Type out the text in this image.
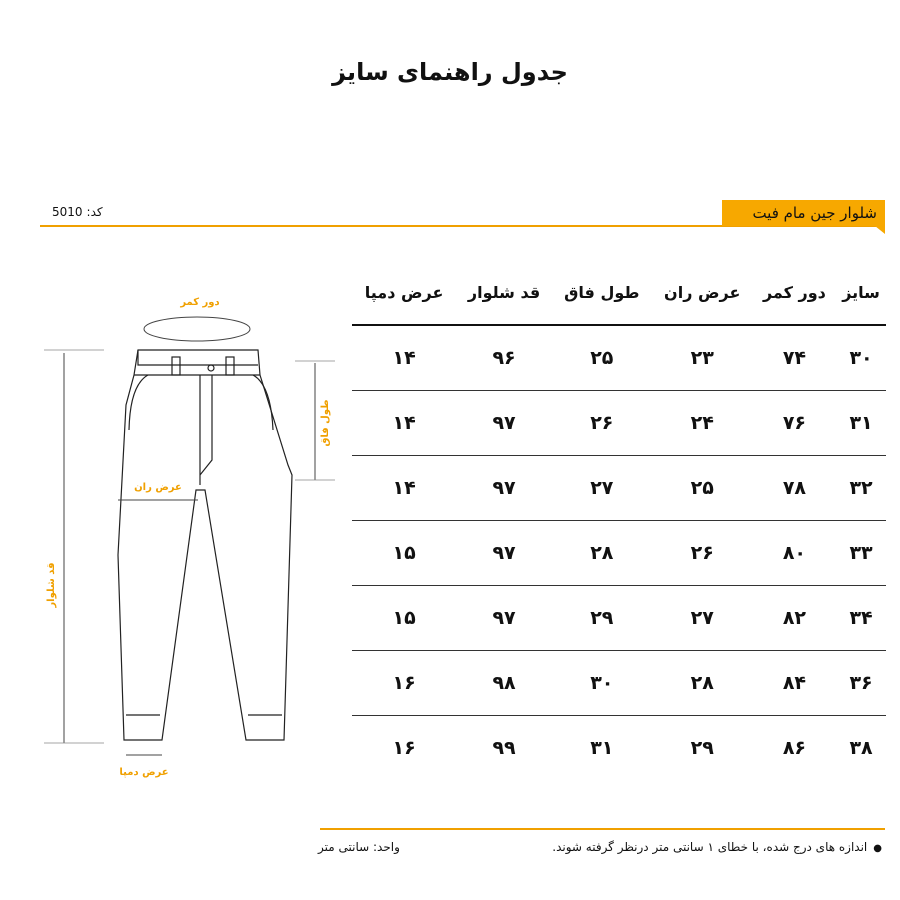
جدول راهنمای سایز
کد:5010	شلوار جین مام فیت
دور کمر
قد شلوار
طول فاق
عرض ران
عرض دمپا
سایز	دور کمر	عرض ران	طول فاق	قد شلوار	عرض دمپا
۳۰	۷۴	۲۳	۲۵	۹۶	۱۴
۳۱	۷۶	۲۴	۲۶	۹۷	۱۴
۳۲	۷۸	۲۵	۲۷	۹۷	۱۴
۳۳	۸۰	۲۶	۲۸	۹۷	۱۵
۳۴	۸۲	۲۷	۲۹	۹۷	۱۵
۳۶	۸۴	۲۸	۳۰	۹۸	۱۶
۳۸	۸۶	۲۹	۳۱	۹۹	۱۶
● اندازه های درج شده، با خطای ۱ سانتی متر درنظر گرفته شوند.
واحد: سانتی متر
